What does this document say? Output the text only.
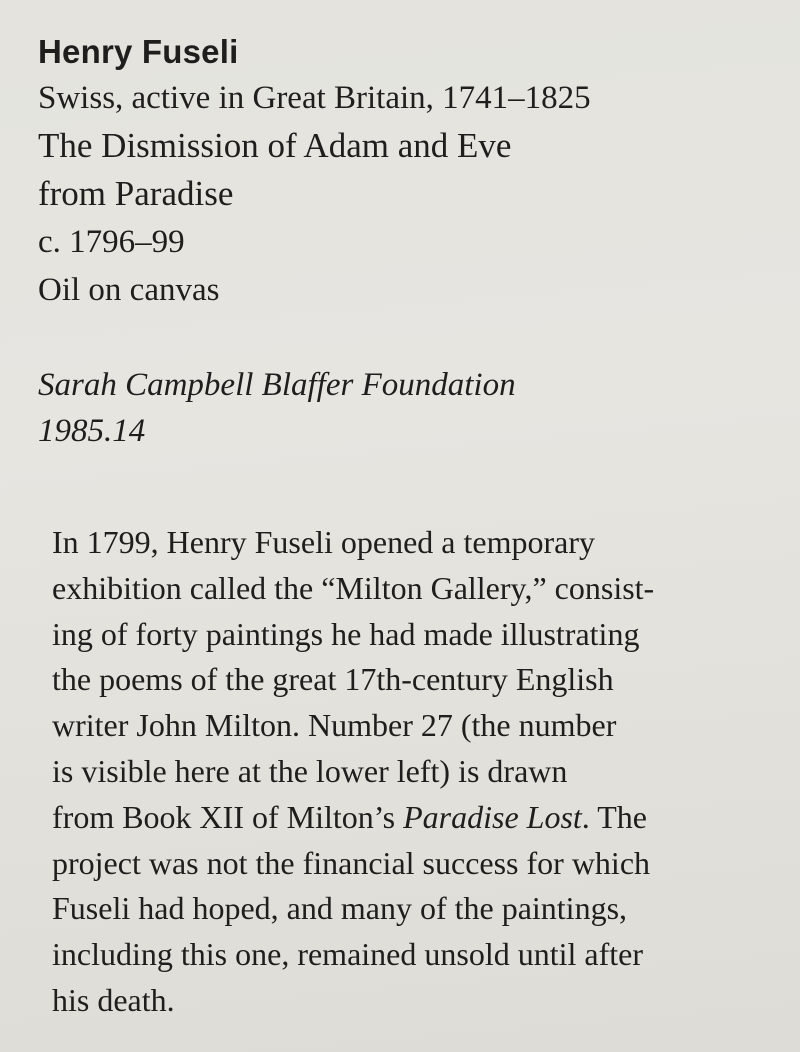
Henry Fuseli
Swiss, active in Great Britain, 1741–1825
The Dismission of Adam and Eve
from Paradise
c. 1796–99
Oil on canvas
Sarah Campbell Blaffer Foundation
1985.14
In 1799, Henry Fuseli opened a temporary
exhibition called the “Milton Gallery,” consist-
ing of forty paintings he had made illustrating
the poems of the great 17th-century English
writer John Milton. Number 27 (the number
is visible here at the lower left) is drawn
from Book XII of Milton’s Paradise Lost. The
project was not the financial success for which
Fuseli had hoped, and many of the paintings,
including this one, remained unsold until after
his death.
